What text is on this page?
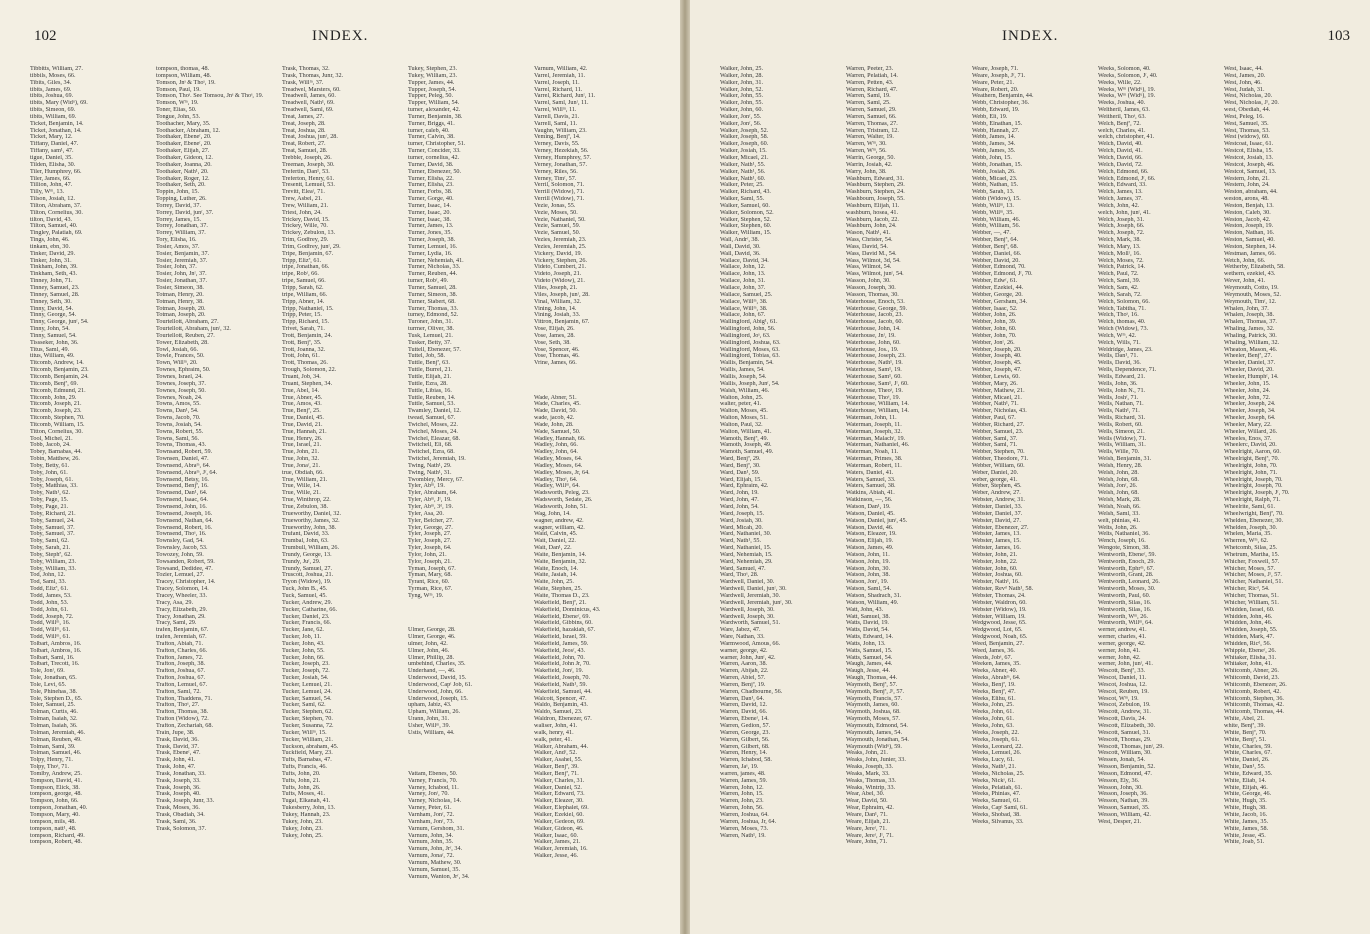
102	INDEX.
Tibbitts, William, 27.
tibbils, Moses, 66.
Tibits, Giles, 34.
tibits, James, 69.
tibits, Joshua, 69.
tibits, Mary (Widᵘ), 69.
tibits, Simeon, 69.
tibits, William, 69.
Ticket, Benjamin, 14.
Ticket, Jonathan, 14.
Ticket, Mary, 12.
Tiffany, Daniel, 47.
Tiffany, sam¹, 47.
tigue, Daniel, 35.
Tilden, Elisha, 30.
Tiler, Humphrey, 66.
Tiler, James, 66.
Tillion, John, 47.
Tilly, Wᵐ, 13.
Tilson, Josiah, 12.
Tilton, Abraham, 37.
Tilton, Cornelius, 30.
tilton, David, 43.
Tilton, Samuel, 40.
Tingley, Palatiah, 69.
Tings, John, 46.
tinkam, ebn, 30.
Tinker, David, 29.
Tinker, John, 31.
Tinkham, John, 39.
Tinkham, Seth, 43.
Tinney, John, 71.
Tinney, Samuel, 23.
Tinney, Samuel, 28.
Tinney, Seth, 30.
Tinny, David, 54.
Tinny, George, 54.
Tinny, George, junʳ, 54.
Tinny, John, 54.
Tinny, Samuel, 54.
Tissseker, John, 36.
Titus, Saml, 49.
titus, William, 49.
Titcomb, Andrew, 14.
Titcomb, Benjamin, 23.
Titcomb, Benjamin, 24.
Titcomb, Benjª, 69.
Titcomb, Edmund, 21.
Titcomb, John, 29.
Titcomb, Joseph, 21.
Titcomb, Joseph, 23.
Titcomb, Stephen, 70.
Titcomb, William, 15.
Titton, Cornelius, 30.
Tool, Michel, 21.
Tobb, Jacob, 24.
Tobey, Barnabas, 44.
Tobin, Matthew, 26.
Toby, Betty, 61.
Toby, John, 61.
Toby, Joseph, 61.
Toby, Matthias, 33.
Toby, Nath¹, 62.
Toby, Page, 15.
Toby, Page, 21.
Toby, Richard, 21.
Toby, Samuel, 24.
Toby, Samuel, 37.
Toby, Samuel, 37.
Toby, Saml, 62.
Toby, Sarah, 21.
Toby, Stephª, 62.
Toby, William, 23.
Toby, William, 33.
Tod, John, 12.
Tod, Saml, 33.
Todd, Elizª, 61.
Todd, James, 53.
Todd, John, 53.
Todd, John, 61.
Todd, Joseph, 72.
Todd, Willᵐ, 16.
Todd, Willᵐ, 61.
Todd, Willᵐ, 61.
Tolbart, Ambros, 16.
Tolbart, Ambros, 16.
Tolbart, Saml, 16.
Tolbart, Trecott, 16.
Tole, Jonʳ, 69.
Tole, Jonathan, 65.
Tole, Levi, 65.
Tole, Phinehas, 38.
Tole, Stephen D., 65.
Toler, Samuel, 25.
Tolman, Curtis, 46.
Tolman, Isaiah, 32.
Tolman, Isaiah, 36.
Tolman, Jeremiah, 46.
Tolman, Reuben, 49.
Tolman, Saml, 39.
Tolman, Samuel, 46.
Tolpy, Henry, 71.
Tolpy, Thoˢ, 71.
Tomlby, Andrew, 25.
Tompson, David, 41.
Tompson, Elick, 38.
tompson, george, 48.
Tompson, John, 66.
tompson, Jonathan, 40.
Tompson, Mary, 40.
tompson, mils, 48.
tompson, natt¹, 48.
tompson, Richard, 49.
tompson, Robert, 48.
tompson, thomas, 48.
tompson, William, 48.
Tomson, Jnˢ & Thoˢ, 19.
Tomson, Paul, 19.
Tomson, Thoˢ. See Tomsou, Jnˢ & Thoˢ, 19.
Tomson, Wᵐ, 19.
Toner, Elias, 50.
Tongue, John, 53.
Toothacher, Mary, 35.
Toothacker, Abraham, 12.
Toothaker, Ebeneʳ, 20.
Toothaker, Ebeneʳ, 20.
Toothaker, Elijah, 27.
Toothaker, Gideon, 12.
Toothaker, Joanna, 20.
Toothaker, Nath¹, 20.
Toothaker, Roger, 12.
Toothaker, Seth, 20.
Toppin, John, 15.
Topping, Luther, 26.
Torrey, David, 37.
Torrey, David, junʳ, 37.
Torrey, James, 15.
Torrey, Jonathan, 37.
Torrey, William, 37.
Tory, Elisha, 16.
Tosier, Amos, 37.
Tosier, Benjamin, 37.
Tosier, Jeremiah, 37.
Tosier, John, 37.
Tosier, John, Jnʳ, 37.
Tosier, Jonathan, 37.
Tosier, Simeon, 38.
Totman, Henry, 20.
Totman, Henry, 38.
Totman, Joseph, 20.
Totman, Joseph, 20.
Tourtellott, Abraham, 27.
Tourtellott, Abraham, junʳ, 32.
Tourtellott, Reuben, 27.
Tower, Elizabeth, 28.
Towl, Josiah, 66.
Towle, Frances, 50.
Town, Willᵐ, 20.
Townes, Ephraim, 50.
Townes, Israel, 24.
Townes, Joseph, 37.
Townes, Joseph, 50.
Townes, Noah, 24.
Towns, Amos, 55.
Towns, Dan¹, 54.
Towns, Jacob, 70.
Towns, Josiah, 54.
Towns, Robert, 55.
Towns, Saml, 56.
Towns, Thomas, 43.
Townsand, Robert, 59.
Townsen, Daniel, 47.
Townsend, Abraᵐ, 64.
Townsend, Abraᵐ, Jʳ, 64.
Townsend, Betsy, 16.
Townsend, Benjª, 16.
Townsend, Dan¹, 64.
Townsend, Isaac, 64.
Townsend, John, 16.
Townsend, Joseph, 16.
Townsend, Nathan, 64.
Townsend, Robert, 16.
Townsend, Thoˢ, 16.
Townsley, Gad, 54.
Townsley, Jacob, 53.
Towozey, John, 59.
Towsanden, Robert, 59.
Towsand, Dedidee, 47.
Tozier, Lemuel, 27.
Tracey, Christopher, 14.
Tracey, Solomon, 14.
Tracey, Wheeler, 33.
Tracy, Asa, 29.
Tracy, Elizabeth, 29.
Tracy, Jonathan, 29.
Tracy, Saml, 29.
trafen, Benjamin, 67.
trafen, Jeremiah, 67.
Trafton, Abiah, 71.
Trafton, Charles, 66.
Trafton, James, 72.
Trafton, Joseph, 38.
Trafton, Joshua, 67.
Trafton, Joshua, 67.
Trafton, Lemuel, 67.
Trafton, Saml, 72.
Trafton, Thaddens, 71.
Trafton, Thoˢ, 27.
Trafton, Thomas, 38.
Trafton (Widow), 72.
Trafton, Zechariah, 68.
Train, Jupe, 38.
Trask, David, 36.
Trask, David, 37.
Trask, Ebeneʳ, 47.
Trask, John, 41.
Trask, John, 47.
Trask, Jonathan, 33.
Trask, Joseph, 33.
Trask, Joseph, 36.
Trask, Joseph, 40.
Trask, Joseph, Junr, 33.
Trask, Moses, 36.
Trask, Obadiah, 34.
Trask, Saml, 36.
Trask, Solomon, 37.
Trask, Thomas, 32.
Trask, Thomas, Junr, 32.
Trask, Willᵐ, 37.
Treadwel, Marsters, 60.
Treadwell, James, 60.
Treadwell, Nath¹, 69.
Treadwell, Saml, 69.
Treat, James, 27.
Treat, Joseph, 28.
Treat, Joshua, 28.
Treat, Joshua, junʳ, 28.
Treat, Robert, 27.
Treat, Samuel, 28.
Trebble, Joseph, 26.
Treeman, Joseph, 30.
Trefertin, Dan¹, 53.
Treferton, Henry, 61.
Tresentt, Lemuel, 53.
Trevitt, Eleaʳ, 71.
Trew, Asbel, 21.
Trew, William, 21.
Triest, John, 24.
Trickey, David, 15.
Trickey, Wille, 70.
Trickey, Zebulon, 13.
Trim, Godfrey, 29.
Trim, Godfrey, junʳ, 29.
Tripe, Benjamin, 67.
Tripp, Elizª, 61.
tripe, Jonathan, 66.
tripe, Robʳ, 66.
tripe, Samuel, 66.
Tripp, Sarah, 62.
tripe, William, 66.
Tripp, Abner, 14.
Tripp, Nathaniel, 15.
Tripp, Peter, 15.
Tripp, Richard, 15.
Trivet, Sarah, 71.
Trott, Benjamin, 24.
Trott, Benjª, 35.
Trott, Joanna, 32.
Trott, John, 61.
Trott, Thomas, 26.
Trough, Solomon, 22.
Truant, Job, 34.
Truant, Stephen, 34.
True, Abel, 14.
True, Abner, 45.
True, Amos, 43.
True, Benjª, 25.
True, Daniel, 45.
True, David, 21.
True, Hannah, 21.
True, Henry, 26.
True, Israel, 21.
True, John, 21.
True, John, 32.
True, Jonaʳ, 21.
true, Obdiah, 66.
True, William, 21.
True, Wille, 14.
True, Wille, 21.
True, Winthrop, 22.
True, Zebulon, 38.
Trueworthy, Daniel, 32.
Trueworthy, James, 32.
Trueworthy, John, 38.
Trufant, David, 33.
Trumbal, John, 63.
Trumbull, William, 26.
Trundy, George, 13.
Trundy, Juʳ, 29.
Trundy, Samuel, 27.
Truscott, Joshua, 21.
Tryon (Widow), 19.
Tuck, John B., 45.
Tuck, Samuel, 45.
Tucker, Andrew, 29.
Tucker, Catharine, 66.
Tucker, Daniel, 23.
Tucker, Francis, 66.
Tucker, Jane, 62.
Tucker, Job, 11.
Tucker, John, 43.
Tucker, John, 55.
Tucker, John, 66.
Tucker, Joseph, 23.
Tucker, Joseph, 72.
Tucker, Josiah, 54.
Tucker, Lemuel, 21.
Tucker, Lemuel, 24.
Tucker, Samuel, 54.
Tucker, Saml, 62.
Tucker, Stephen, 62.
Tucker, Stephen, 70.
Tucker, Susanna, 72.
Tucker, Willᵐ, 15.
Tucker, William, 21.
Tuckson, abraham, 45.
Tuckfield, Mary, 23.
Tufts, Barnabas, 47.
Tufts, Francis, 46.
Tufts, John, 20.
Tufts, John, 21.
Tufts, John, 26.
Tufts, Moses, 41.
Tugai, Elkanah, 41.
Tukesberry, John, 13.
Tukey, Hannah, 23.
Tukey, John, 23.
Tukey, John, 23.
Tukey, John, 25.
Tukey, Stephen, 23.
Tukey, William, 23.
Tupper, James, 44.
Tupper, Joseph, 54.
Tupper, Peleg, 50.
Tupper, William, 54.
turner, alexander, 42.
Turner, Benjamin, 38.
Turner, Briggs, 41.
turner, caleb, 40.
Turner, Calvin, 38.
turner, Christopher, 51.
Turner, Concider, 33.
turner, cornelius, 42.
Turner, David, 38.
Turner, Ebenezer, 50.
Turner, Elisha, 22.
Turner, Elisha, 23.
Turner, Forbs, 38.
Turner, Gorge, 40.
Turner, Isaac, 14.
Turner, Isaac, 20.
Turner, Isaac, 38.
Turner, James, 13.
Turner, Jones, 35.
Turner, Joseph, 38.
Turner, Lemuel, 16.
Turner, Lydia, 16.
Turner, Nehemiah, 41.
Turner, Nicholas, 33.
Turner, Reuben, 44.
turner, Robʳ, 49.
Turner, Samuel, 28.
Turner, Simeon, 38.
Turner, Stabert, 68.
Turner, Thomas, 33.
turney, Edmond, 52.
Turoner, John, 31.
turrner, Oliver, 38.
Tusk, Lemuel, 21.
Tusker, Betty, 37.
Tuttell, Ebenezer, 57.
Tuttel, Job, 58.
Tuttle, Benjª, 63.
Tuttle, Burrel, 21.
Tuttle, Elijah, 21.
Tuttle, Ezra, 28.
Tuttle, Libias, 16.
Tuttle, Reuben, 14.
Tuttle, Samuel, 53.
Twamley, Daniel, 12.
twead, Samuel, 67.
Twichel, Moses, 22.
Twichel, Moses, 24.
Twichel, Eleazar, 68.
Twitchell, Eli, 68.
Twitchel, Ezra, 68.
Twitchel, Jeremiah, 19.
Twing, Nath¹, 29.
Twing, Nath¹, 31.
Twombley, Mercy, 67.
Tyler, Abᵐ, 19.
Tyler, Abraham, 64.
Tyler, Abᵐ, Jʳ, 19.
Tyler, Abᵐ, 3ᵈ, 19.
Tyler, Asa, 20.
Tyler, Belcher, 27.
Tyler, George, 27.
Tyler, Joseph, 27.
Tyler, Joseph, 27.
Tyler, Joseph, 64.
Tylor, John, 21.
Tylor, Joseph, 21.
Tyman, Joseph, 67.
Tyman, Mary, 68.
Tyrant, Rice, 60.
Tyrman, Rice, 67.
Tyng, Wᵐ, 19.

Ulmer, George, 28.
Ulmer, George, 46.
ulmer, John, 42.
Ulmer, John, 46.
Ulmer, Phillip, 28.
umbehind, Charles, 35.
Underhand, —, 46.
Underwood, David, 15.
Underwood, Capᵗ Job, 61.
Underwood, John, 66.
Underwood, Joseph, 15.
upham, Jabiz, 43.
Upham, William, 26.
Urann, John, 31.
Usher, Willᵐ, 39.
Ustis, William, 44.

Vattam, Ebenes, 50.
Varney, Francis, 70.
Varney, Ichabod, 11.
Varney, Jonʳ, 70.
Varney, Nicholas, 14.
Varney, Peter, 61.
Varnham, Jonʳ, 72.
Varnham, Jonʳ, 73.
Varnum, Gershom, 31.
Varnum, John, 34.
Varnum, John, 35.
Varnum, John, Jrʳ, 34.
Varnum, Jonaʳ, 72.
Varnum, Mathew, 30.
Varnum, Samuel, 35.
Varnum, Wanton, Jrʳ, 34.
Varnum, William, 42.
Varrel, Jeremiah, 11.
Varrel, Joseph, 11.
Varrel, Richard, 11.
Varrel, Richard, Junʳ, 11.
Varrel, Saml, Junʳ, 11.
Varrel, Willᵐ, 11.
Varrell, Davis, 21.
Varrell, Saml, 11.
Vaughn, William, 23.
Veming, Benjª, 14.
Verney, Davis, 55.
Verney, Hezekiah, 56.
Verney, Humphrey, 57.
Verney, Jonathan, 57.
Verney, Riles, 56.
Verney, Timʳ, 57.
Verril, Solomon, 71.
Verrill (Widow), 71.
Verrill (Widow), 71.
Vezie, Jonas, 55.
Vezie, Moses, 50.
Vezie, Nathaniel, 50.
Vezie, Samuel, 59.
Vezie, Samuel, 50.
Vezies, Jeremiah, 23.
Vezies, Jeremiah, 25.
Vickery, David, 19.
Vickery, Stephen, 26.
Videto, Cumbert, 21.
Videto, Joseph, 21.
Videto (Widow), 21.
Viles, Joseph, 21.
Viles, Joseph, junʳ, 28.
Vinal, William, 32.
Vining, John, 14.
Vining, Josiah, 33.
Vittron, Benjamin, 67.
Vose, Elijah, 26.
Vose, James, 28.
Vose, Seth, 38.
Vose, Spencer, 46.
Vose, Thomas, 46.
Vrine, James, 66.

Wade, Abner, 51.
Wade, Charles, 45.
Wade, David, 50.
wade, jacob, 42.
Wade, John, 28.
Wade, Samuel, 50.
Wadley, Hannah, 66.
Wadley, John, 66.
Wadley, John, 64.
Wadley, Moses, 64.
Wadley, Moses, 64.
Wadley, Moses, Jr, 64.
Wadley, Thoˢ, 64.
Wadley, Willᵐ, 64.
Wadsworth, Peleg, 23.
Wadsworth, Sedate, 26.
Wadsworth, John, 51.
Wag, John, 14.
wagner, andrew, 42.
wagner, william, 42.
Waid, Calvin, 45.
Wait, Daniel, 22.
Wait, Dan¹, 22.
Waite, Benjamin, 14.
Waite, Benjamin, 32.
Waite, Enoch, 14.
Waite, Jasiah, 14.
Waite, John, 25.
Waite, Stephen, 25.
Waite, Thomas D., 23.
Wakefield, Benjª, 21.
Wakefield, Dominicus, 43.
Wakefield, Ebeneʳ, 69.
Wakefield, Gibbins, 60.
Wakefield, hazakiah, 67.
Wakefield, Israel, 59.
Wakefield, James, 59.
Wakefield, Jeosʳ, 43.
Wakefield, John, 70.
Wakefield, John Jr, 70.
Wakefield, Jonʳ, 19.
Wakefield, Joseph, 70.
Wakefield, Nath¹, 59.
Wakefield, Samuel, 44.
Walcott, Spencer, 47.
Waldo, Benjamin, 43.
Waldo, Samuel, 23.
Waldron, Ebenezer, 67.
waliser, John, 41.
walk, henry, 41.
walk, peter, 41.
Walker, Abraham, 44.
Walker, Andʳ, 52.
Walker, Asahel, 55.
Walker, Benjª, 39.
Walker, Benjª, 71.
Walker, Charles, 31.
Walker, Daniel, 52.
Walker, Edward, 73.
Walker, Eleazer, 30.
Walker, Elephalet, 69.
Walker, Ezekiel, 60.
Walker, Gedeon, 69.
Walker, Gideon, 46.
Walker, Isaac, 60.
Walker, James, 21.
Walker, Jeremiah, 16.
Walker, Jesse, 46.
INDEX.	103
Walker, John, 25.
Walker, John, 28.
Walker, John, 31.
Walker, John, 52.
Walker, John, 55.
Walker, John, 55.
Walker, John, 60.
Walker, Jonʳ, 55.
Walker, Jonʳ, 56.
Walker, Joseph, 52.
Walker, Joseph, 58.
Walker, Joseph, 60.
Walker, Josiah, 15.
Walker, Micael, 21.
Walker, Nath¹, 55.
Walker, Nath¹, 56.
Walker, Nath¹, 60.
Walker, Peter, 25.
Walker, Richard, 43.
Walker, Saml, 55.
Walker, Samuel, 60.
Walker, Solomon, 52.
Walker, Stephen, 52.
Walker, Stephen, 60.
Walker, William, 15.
Wall, Andrʳ, 38.
Wall, David, 30.
Wall, David, 36.
Wallace, David, 34.
Wallace, John, 12.
Wallace, John, 13.
Wallace, John, 31.
Wallace, John, 37.
Wallace, Samuel, 25.
Wallace, Willᵐ, 38.
Wallace, Willᵐ, 38.
Wallace, John, 67.
Wallingford, Abig¹, 61.
Wallingford, John, 56.
Wallingford, Joˢ, 63.
Wallingford, Joshua, 63.
Wallingford, Moses, 63.
Wallingford, Tobias, 63.
Wallis, Benjamin, 54.
Wallis, James, 54.
Wallis, Joseph, 54.
Wallis, Joseph, Junʳ, 54.
Walsh, William, 46.
Walton, John, 25.
walter, peter, 41.
Walton, Moses, 45.
Walton, Moses, 51.
Walton, Paul, 32.
Walton, William, 41.
Wamoth, Benjª, 49.
Wamoth, Joseph, 49.
Wamoth, Samuel, 49.
Ward, Benjª, 29.
Ward, Benjª, 30.
Ward, Dan¹, 59.
Ward, Elijah, 15.
Ward, Ephraim, 42.
Ward, John, 19.
Ward, John, 47.
Ward, John, 54.
Ward, Joseph, 15.
Ward, Josiah, 30.
Ward, Micah, 20.
Ward, Nathaniel, 30.
Ward, Nath¹, 55.
Ward, Nathaniel, 15.
Ward, Nehemiah, 15.
Ward, Nehemiah, 29.
Ward, Samuel, 47.
Ward, Thoˢ, 28.
Wardwell, Daniel, 30.
Wardwell, Daniel, junʳ, 30.
Wardwell, Jeremiah, 30.
Wardwell, Jeremiah, junʳ, 30.
Wardwell, Joseph, 30.
Wardwell, Joseph, 30.
Wardworth, Samuel, 51.
Ware, Jabez, 47.
Ware, Nathan, 33.
Warmwood, Amous, 66.
warner, george, 42.
warner, John, Junʳ, 42.
Warren, Aaron, 38.
Warren, Abijah, 22.
Warren, Abiel, 57.
Warren, Benjª, 19.
Warren, Chadbourne, 56.
Warren, Dan¹, 64.
Warren, David, 12.
Warren, David, 66.
Warren, Ebeneʳ, 14.
Warren, Gedion, 57.
Warren, George, 23.
Warren, Gilbert, 56.
Warren, Gilbert, 68.
Warren, Henry, 14.
Warren, Ichabod, 58.
Warren, Jaˢ, 19.
warren, james, 48.
Warren, James, 59.
Warren, John, 12.
Warren, John, 15.
Warren, John, 23.
Warren, John, 56.
Warren, Joshua, 64.
Warren, Joshua, Jr, 64.
Warren, Moses, 73.
Warren, Nath¹, 19.
Warren, Peeter, 23.
Warren, Pelatiah, 14.
Warren, Petten, 43.
Warren, Richard, 47.
Warren, Saml, 19.
Warren, Saml, 25.
Warren, Samuel, 29.
Warren, Samuel, 66.
Warren, Thomas, 27.
Warren, Tristram, 12.
Warren, Walter, 19.
Warren, Wᵐ, 30.
Warren, Wᵐ, 56.
Warrin, George, 50.
Warrin, Josiah, 42.
Warry, John, 38.
Washburn, Edward, 31.
Washburn, Stephen, 29.
Washburn, Stephen, 24.
Washbourn, Joseph, 55.
Washburn, Elijah, 11.
washburn, hosea, 41.
Washburn, Jacob, 22.
Washburn, John, 24.
Wason, Nath¹, 41.
Wass, Christer, 54.
Wass, David, 54.
Wass, David M., 54.
Wass, Wilmot, 3d, 54.
Wass, Wilmot, 54.
Wass, Wilmot, junʳ, 54.
Wasson, John, 30.
Wasson, Joseph, 30.
Wasson, Thomas, 30.
Waterhouse, Enoch, 53.
Waterhouse, George, 59.
Waterhouse, Jacob, 23.
Waterhouse, Jacob, 60.
Waterhouse, John, 14.
Waterhouse, Jnʳ, 19.
Waterhouse, John, 60.
Waterhouse, Jos., 19.
Waterhouse, Joseph, 23.
Waterhouse, Nath¹, 19.
Waterhouse, Sam¹, 19.
Waterhouse, Sam¹, 60.
Waterhouse, Sam¹, Jʳ, 60.
Waterhouse, Theoˢ, 19.
Waterhouse, Thoˢ, 19.
Waterhouse, William, 14.
Waterhouse, William, 14.
Waterman, John, 11.
Waterman, Joseph, 11.
Waterman, Joseph, 32.
Waterman, Malachʳ, 19.
Waterman, Nathaniel, 46.
Waterman, Noah, 11.
Waterman, Primes, 38.
Waterman, Robert, 11.
Waters, Daniel, 41.
Waters, Samuel, 33.
Waters, Samuel, 38.
Watkins, Abiah, 41.
Watkinson, —, 56.
Watson, Dan¹, 19.
Watson, Daniel, 45.
Watson, Daniel, junʳ, 45.
Watson, David, 46.
Watson, Eleazer, 19.
Watson, Elijah, 19.
Watson, James, 49.
Watson, John, 11.
Watson, John, 19.
Watson, John, 30.
Watson, John, 38.
Watson, Jonʳ, 19.
Watson, Saml, 54.
Watson, Shadrach, 31.
Watson, William, 49.
Watt, John, 43.
Watt, Samuel, 38.
Watts, David, 19.
Watts, David, 54.
Watts, Edward, 14.
Watts, John, 13.
Watts, Samuel, 15.
Watts, Samuel, 54.
Waugh, James, 44.
Waugh, Jesse, 44.
Waugh, Thomas, 44.
Waymoth, Benjª, 57.
Waymoth, Benjª, Jʳ, 57.
Waymoth, Francis, 57.
Waymoth, James, 60.
Waymoth, Joshua, 68.
Waymoth, Moses, 57.
Waymouth, Edmond, 54.
Waymouth, James, 54.
Waymouth, Jonathan, 54.
Waymouth (Widᵘ), 59.
Weaks, John, 21.
Weaks, John, Junier, 33.
Weaks, Joseph, 33.
Weaks, Mark, 33.
Weaks, Thomas, 33.
Weaks, Wintrip, 33.
Wear, Abel, 30.
Wear, David, 50.
Wear, Ephraim, 42.
Weare, Dan¹, 71.
Weare, Elijah, 21.
Weare, Jereʳ, 71.
Weare, Jereʳ, Jʳ, 71.
Weare, John, 71.
Weare, Joseph, 71.
Weare, Joseph, Jʳ, 71.
Weare, Peter, 21.
Weare, Robert, 20.
Weathern, Benjamin, 44.
Webb, Christopher, 36.
Webb, Edward, 19.
Webb, Eli, 19.
Webb, Elnathan, 15.
Webb, Hannah, 27.
Webb, James, 14.
Webb, James, 34.
Webb, James, 35.
Webb, John, 15.
Webb, Jonathan, 15.
Webb, Josiah, 26.
Webb, Micael, 23.
Webb, Nathan, 15.
Webb, Sarah, 13.
Webb (Widow), 15.
Webb, Willᵐ, 13.
Webb, Willᵐ, 35.
Webb, William, 46.
Webb, William, 56.
Webber, —, 47.
Webber, Benjª, 64.
Webber, Benjª, 68.
Webber, Daniel, 66.
Webber, David, 20.
Webber, Edmond, 70.
Webber, Edmond, Jʳ, 70.
Webber, Edwʳ, 61.
Webber, Ezekiel, 44.
Webber, George, 20.
Webber, Gersham, 34.
Webber, Isaac, 52.
Webber, John, 26.
Webber, John, 39.
Webber, John, 60.
Webber, John, 70.
Webber, Jonʳ, 26.
Webber, Joseph, 20.
Webber, Joseph, 40.
Webber, Joseph, 45.
Webber, Joseph, 47.
Webber, Lewis, 60.
Webber, Mary, 26.
Webber, Mathew, 21.
Webber, Micael, 21.
Webber, Nath¹, 71.
Webber, Nicholas, 43.
Webber, Paul, 67.
Webber, Richard, 27.
Webber, Samuel, 23.
Webber, Saml, 37.
Webber, Saml, 71.
Webber, Stephen, 70.
Webber, Theodore, 71.
Webber, William, 60.
Weber, Daniel, 20.
weber, george, 41.
Weber, Stephen, 45.
Weber, Andrew, 27.
Webster, Andrew, 31.
Webster, Daniel, 33.
Webster, Daniel, 37.
Webster, David, 27.
Webster, Ebenezer, 27.
Webster, James, 13.
Webster, James, 15.
Webster, James, 16.
Webster, John, 21.
Webster, John, 22.
Webster, John, 60.
Webster, Joshua, 60.
Webster, Nath¹, 16.
Webster, Revᵈ Nath¹, 58.
Webster, Thomas, 24.
Webster, Waldron, 60.
Webster (Widow), 19.
Webster, William, 19.
Wedgwood, Jesse, 65.
Wedgwood, Lot, 65.
Wedgwood, Noah, 65.
Weed, Benjamin, 27.
Weed, James, 36.
Weeds, Jobˢ, 67.
Weeken, James, 35.
Weeks, Abner, 40.
Weeks, Abrahᵐ, 64.
Weeks, Benjª, 19.
Weeks, Benjª, 47.
Weeks, Elihu, 61.
Weeks, John, 25.
Weeks, John, 61.
Weeks, John, 61.
Weeks, John, 63.
Weeks, Joseph, 22.
Weeks, Joseph, 61.
Weeks, Leonard, 22.
Weeks, Lemuel, 26.
Weeks, Lucy, 61.
Weeks, Nath¹, 21.
Weeks, Nicholas, 25.
Weeks, Nickˢ, 61.
Weeks, Pelatiah, 61.
Weeks, Phinias, 47.
Weeks, Samuel, 61.
Weeks, Capᵗ Saml, 61.
Weeks, Shobad, 38.
Weeks, Silvanus, 33.
Weeks, Solomon, 40.
Weeks, Solomon, Jʳ, 40.
Weeks, Wille, 22.
Weeks, Wᵐ (Widᵘ), 19.
Weeks, Wᵐ (Widᵘ), 19.
Weeks, Joshua, 40.
Weltheril, James, 63.
Weitheril, Thoˢ, 63.
Welch, Benjª, 72.
welch, Charles, 41.
welch, christopher, 41.
Welch, David, 40.
Welch, David, 41.
Welch, David, 66.
Welch, David, 72.
Welch, Edmond, 66.
Welch, Edmond, Jʳ, 66.
Welch, Edward, 33.
Welch, James, 13.
Welch, James, 37.
Welch, John, 42.
welch, John, junʳ, 41.
Welch, Joseph, 31.
Welch, Joseph, 66.
Welch, Joseph, 72.
Welch, Mark, 38.
Welch, Mary, 13.
Welch, Mollʳ, 16.
Welch, Moses, 72.
Welch, Patrick, 14.
Welch, Paul, 72.
Welch, Saml, 39.
Welch, Sam, 42.
Welch, Sarah, 72.
Welch, Solomon, 66.
Welch, Tabitha, 71.
Welch, Thoˢ, 16.
Welch, thomas, 40.
Welch (Widow), 73.
Welch, Wᵐ, 42.
Welch, Wills, 71.
Weldridge, James, 23.
Wells, Dan¹, 71.
Wells, David, 36.
Wells, Dependence, 71.
Wells, Edward, 21.
Wells, John, 36.
Wells, John N., 71.
Wells, Joshʳ, 71.
Wells, Nathan, 71.
Wells, Nath¹, 71.
Wells, Richard, 31.
Wells, Robert, 60.
Wells, Simeon, 21.
Wells (Widow), 71.
Wells, William, 31.
Wells, Wille, 70.
Welsh, Benjamin, 31.
Welsh, Henry, 28.
Welsh, John, 28.
Welsh, John, 68.
Welsh, Jonʳ, 26.
Welsh, John, 68.
Welsh, Mark, 28.
Welsh, Noah, 66.
Welsh, Saml, 33.
welt, phinias, 41.
Welts, John, 26.
Welts, Nathaniel, 36.
Wench, Joseph, 16.
Wengote, Simon, 38.
Wentworth, Ebeneʳ, 59.
Wentworth, Enoch, 29.
Wentworth, Ephrᵐ, 67.
Wentworth, Grant, 28.
Wentworth, Leonard, 26.
Wentworth, Moses, 30.
Wentworth, Paul, 60.
Wentworth, Silas, 16.
Wentworth, Silas, 16.
Wentworth, Wᵐ, 26.
Wentworth, Willᵐ, 64.
werner, andrew, 41.
werner, charles, 41.
werner, george, 42.
werner, John, 41.
werner, John, 42.
werner, John, junʳ, 41.
Wescott, Benjª, 33.
Wescot, Daniel, 11.
Wescot, Joshua, 12.
Wescot, Reuben, 19.
Wescot, Wᵐ, 19.
Wescot, Zebulon, 19.
Wescott, Andrew, 31.
Wescott, Davis, 24.
Wescott, Elizabeth, 30.
Wescott, Samuel, 31.
Wescott, Thomas, 29.
Wescott, Thomas, junʳ, 29.
Wescott, William, 30.
Wessen, Jonah, 54.
Wesson, Benjamin, 52.
Wesson, Edmond, 47.
Wesson, Ely, 36.
Wesson, John, 30.
Wesson, Joseph, 36.
Wesson, Nathan, 39.
Wesson, Samuel, 35.
Wesson, William, 42.
West, Desper, 21.
West, Isaac, 44.
West, James, 20.
West, John, 46.
West, Judah, 31.
West, Nicholas, 20.
West, Nicholas, Jʳ, 20.
west, Obediah, 44.
West, Peleg, 16.
West, Samuel, 35.
West, Thomas, 53.
West (widow), 60.
Westcoat, Isaac, 61.
Westcot, Elisha, 15.
Westcot, Josiah, 13.
Westcot, Joseph, 46.
Westcot, Samuel, 13.
Western, John, 21.
Western, John, 24.
Weston, abraham, 44.
weston, arons, 48.
Weston, Benjah, 13.
Weston, Caleb, 30.
Weston, Jacob, 42.
Weston, Joseph, 19.
Weston, Nathan, 16.
Weston, Samuel, 40.
Weston, Stephen, 14.
Westman, James, 66.
Wetch, John, 66.
Wetherby, Elizabeth, 58.
wethern, ezekiel, 43.
Wever, John, 41.
Weymouth, Cotto, 19.
Weymouth, Moses, 52.
Weymouth, Timʳ, 12.
Whalen, John, 37.
Whalen, Joseph, 38.
Whalen, Thomas, 37.
Whaling, James, 32.
Whaling, Patrick, 30.
Whaling, William, 32.
Wheaton, Mason, 46.
Wheeler, Benjª, 27.
Wheeler, Daniel, 37.
Wheeler, David, 20.
Wheeler, Humphʳ, 14.
Wheeler, John, 15.
Wheeler, John, 24.
Wheeler, John, 72.
Wheeler, Joseph, 24.
Wheeler, Joseph, 34.
Wheeler, Joseph, 64.
Wheeler, Mary, 22.
Wheeler, Willard, 26.
Wheeles, Enos, 37.
Wheelerc, David, 20.
Wheelright, Aaron, 60.
Wheelright, Benjª, 70.
Wheelright, John, 70.
Wheelright, John, 71.
Wheelright, Joseph, 70.
Wheelright, Joseph, 70.
Wheelright, Joseph, Jʳ, 70.
Wheelright, Ralph, 71.
Wheelrite, Saml, 61.
Wheelwright, Benjª, 70.
Whelden, Ebenezer, 30.
Whelden, Joseph, 30.
Whelen, Maria, 35.
Wherren, Wᵐ, 62.
Whetcomb, Silas, 25.
Whetrum, Martha, 15.
Whicher, Foxwell, 57.
Whicher, Moses, 57.
Whicher, Moses, Jʳ, 57.
Whicher, Nathaniel, 51.
Whicher, Ricᵈ, 54.
Whicher, Thomas, 51.
Whicher, William, 51.
Whidden, Israel, 60.
Whidden, John, 46.
Whidden, John, 46.
Whidden, Joseph, 55.
Whidden, Mark, 47.
Whidden, Ricᵈ, 56.
Whipple, Ebeneʳ, 26.
Whitaker, Elisha, 31.
Whitaker, John, 41.
Whitcomb, Abner, 26.
Whitcomb, David, 23.
Whitcomb, Ebenezer, 26.
Whitcomb, Robert, 42.
Whitcomb, Stephen, 36.
Whitcomb, Thomas, 42.
Whitcomb, Thomas, 44.
White, Abel, 21.
white, Benjª, 39.
White, Benjª, 70.
White, Benjª, 51.
White, Charles, 59.
White, Charles, 67.
White, Daniel, 26.
White, Dan¹, 55.
White, Edward, 35.
White, Eliab, 14.
White, Elijah, 46.
White, George, 46.
White, Hugh, 35.
White, Hugh, 38.
White, Jacob, 16.
White, James, 35.
White, James, 58.
White, Jesse, 45.
White, Joab, 51.
